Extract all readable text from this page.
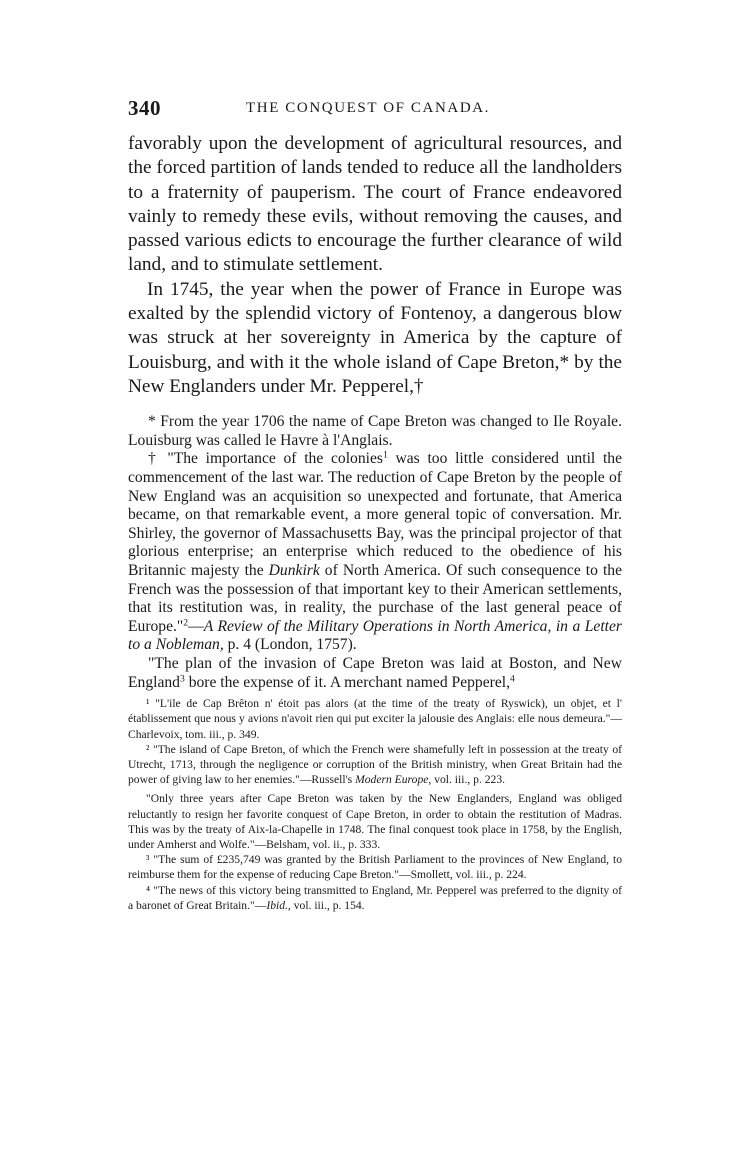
340	THE CONQUEST OF CANADA.

favorably upon the development of agricultural resources, and the forced partition of lands tended to reduce all the landholders to a fraternity of pauperism. The court of France endeavored vainly to remedy these evils, without removing the causes, and passed various edicts to encourage the further clearance of wild land, and to stimulate settlement.

In 1745, the year when the power of France in Europe was exalted by the splendid victory of Fontenoy, a dangerous blow was struck at her sovereignty in America by the capture of Louisburg, and with it the whole island of Cape Breton,* by the New Englanders under Mr. Pepperel,†

* From the year 1706 the name of Cape Breton was changed to Ile Royale. Louisburg was called le Havre à l'Anglais.

† "The importance of the colonies$^1$ was too little considered until the commencement of the last war. The reduction of Cape Breton by the people of New England was an acquisition so unexpected and fortunate, that America became, on that remarkable event, a more general topic of conversation. Mr. Shirley, the governor of Massachusetts Bay, was the principal projector of that glorious enterprise; an enterprise which reduced to the obedience of his Britannic majesty the Dunkirk of North America. Of such consequence to the French was the possession of that important key to their American settlements, that its restitution was, in reality, the purchase of the last general peace of Europe."$^2$—A Review of the Military Operations in North America, in a Letter to a Nobleman, p. 4 (London, 1757).

"The plan of the invasion of Cape Breton was laid at Boston, and New England$^3$ bore the expense of it. A merchant named Pepperel,$^4$

¹ "L'ile de Cap Brêton n' étoit pas alors (at the time of the treaty of Ryswick), un objet, et l' établissement que nous y avions n'avoit rien qui put exciter la jalousie des Anglais: elle nous demeura."—Charlevoix, tom. iii., p. 349.

² "The island of Cape Breton, of which the French were shamefully left in possession at the treaty of Utrecht, 1713, through the negligence or corruption of the British ministry, when Great Britain had the power of giving law to her enemies."—Russell's Modern Europe, vol. iii., p. 223.

"Only three years after Cape Breton was taken by the New Englanders, England was obliged reluctantly to resign her favorite conquest of Cape Breton, in order to obtain the restitution of Madras. This was by the treaty of Aix-la-Chapelle in 1748. The final conquest took place in 1758, by the English, under Amherst and Wolfe."—Belsham, vol. ii., p. 333.

³ "The sum of £235,749 was granted by the British Parliament to the provinces of New England, to reimburse them for the expense of reducing Cape Breton."—Smollett, vol. iii., p. 224.

⁴ "The news of this victory being transmitted to England, Mr. Pepperel was preferred to the dignity of a baronet of Great Britain."—Ibid., vol. iii., p. 154.
